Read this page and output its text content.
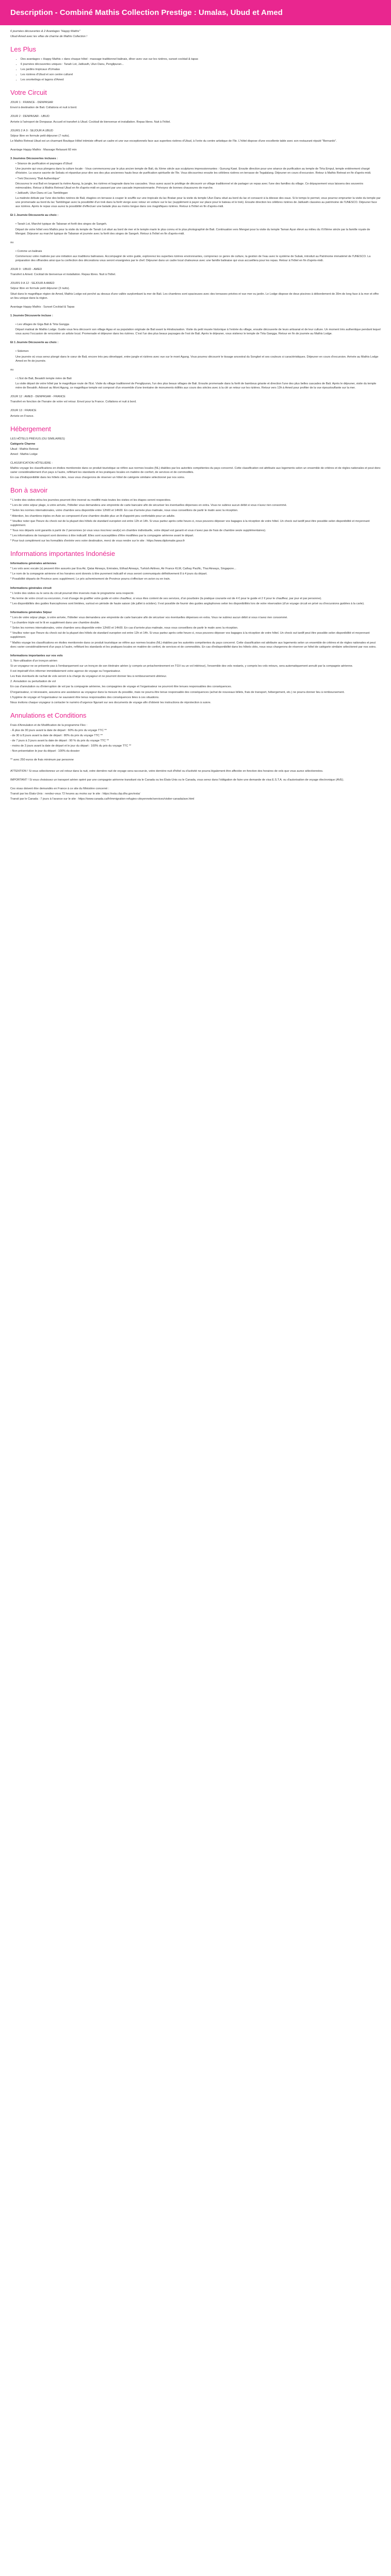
Description - Combiné Mathis Collection Prestige : Umalas, Ubud et Amed

6 journées découvertes & 2 Avantages "Happy Mathis"

Ubud-Amed avec les villas de charme de Mathis Collection !

Les Plus
• Des avantages « Happy Mathis » dans chaque hôtel : massage traditionnel balinais, dîner avec vue sur les rizières, sunset cocktail & tapas
• 6 journées découvertes uniques : Tanah Lot, Jatiluwih, Ulun Danu, Penglipuran...
• Les jardins tropicaux d'Umalas
• Les rizières d'Ubud et son centre culturel
• Les snorkelings et lagons d'Amed
Votre Circuit

JOUR 1 : FRANCE - DENPASAR

Envol à destination de Bali. Collations et nuit à bord.

JOUR 2 : DENPASAR - UBUD

Arrivée à l'aéroport de Denpasar. Accueil et transfert à Ubud. Cocktail de bienvenue et installation. Repas libres. Nuit à l'hôtel.

JOURS 2 À 9 : SEJOUR A UBUD

Séjour libre en formule petit déjeuner (7 nuits).

Le Mathis Retreat Ubud est un charmant Boutique Hôtel intimiste offrant un cadre et une vue exceptionnels face aux superbes rizières d'Ubud, à l'orée du centre artistique de l'île. L'hôtel dispose d'une excellente table avec son restaurant réputé "Bernardo".

Avantage Happy Mathis : Massage Relaxant 60 min

3 Journées Découvertes incluses :

• Séance de purification et paysages d'Ubud

Une journée qui vous plongera dans la culture locale - Vous commencerez par le plus ancien temple de Bali, du Xème siècle aux sculptures impressionnantes : Gunung Kawi. Ensuite direction pour une séance de purification au temple de Tirta Empul, temple entièrement chargé d'histoire. La source sacrée de Sebatu et répandue pour dire ses des plus anciennes hauts lieux de purification spirituelle de l'île. Vous découvrirez ensuite les célèbres rizières en terrasse de Tegalalang. Déjeuner en cours d'excursion. Retour à Mathis Retreat en fin d'après-midi.

• Trek Discovery "Bali Authentique"

Découvrez le vrai Bali en longeant la rivière Ayung, la jungle, les rizières et bagnade dans les cascades. Vous aurez aussi le privilège de découvrir un village traditionnel et de partager un repas avec l'une des familles du village. Ce dépaysement vous laissera des souvenirs mémorables. Retour à Mathis Retreat Ubud en fin d'après-midi en passant par une cascade impressionnante. Prévoyez de bonnes chaussures de marche.

• Jatiluwih, Ulun Danu et Lac Tamblingan

La matinée débute par l'une des belles rizières de Bali, étagées en terrasse à couper le souffle sur une tropicale du lac Bratan pour la visite du temple Ulun Danu situé au bord du lac et consacré à la déesse des eaux. Si le temps le permet, vous pourrez emprunter la visite du temple par une promenade au bord du lac Tamblingan avec la possibilité d'un trek dans la forêt vierge avec retour en voiture sur le lac (supplément à payer sur place pour le bateau et le trek). Ensuite direction les célèbres rizières de Jatiluwih classées au patrimoine de l'UNESCO. Déjeuner face aux rizières. Après le repas vous aurez la possibilité d'effectuer une balade plus au moins longue dans ces magnifiques rizières. Retour à l'hôtel en fin d'après-midi.

Et 1 Journée Découverte au choix :

• Tanah Lot, Marché typique de Tabanan et forêt des singes de Sangeh.

Départ de votre hôtel vers Mathis pour la visite du temple de Tanah Lot situé au bord de mer et le temple marin le plus connu et le plus photographié de Bali. Continuation vers Mengwi pour la visite du temple Taman Ayun élevé au milieu du XVIIème siècle par la famille royale de Mengwi. Déjeuner au marché typique de Tabanan et journée avec la forêt des singes de Sangeh. Retour à l'hôtel en fin d'après-midi.

ou

• Comme un balinais

Commencez votre matinée par une initiation aux traditions balinaises. Accompagné de votre guide, explorerez les superbes rizières environnantes, comprenez ce genre de culture, la gestion de l'eau avec le système de Subak, introduit au Patrimoine immatériel de l'UNESCO. La préparation des offrandes ainsi que la confection des décorations vous seront enseignées par le chef. Déjeuner dans un cadre local chaleureux avec une famille balinaise qui vous accueillera pour les repas. Retour à l'hôtel en fin d'après-midi.

JOUR 9 : UBUD - AMED

Transfert à Amed. Cocktail de bienvenue et installation. Repas libres. Nuit à l'hôtel.

JOURS 9 A 12 : SEJOUR A AMED

Séjour libre en formule petit déjeuner (3 nuits).

Situé dans le magnifique région de Amed, Mathis Lodge est perché au dessus d'une vallée surplombant la mer de Bali. Les chambres sont spacieuses avec des terrasses privées et vue mer ou jardin. Le Lodge dispose de deux piscines à débordement de 30m de long face à la mer et offre un lieu unique dans la région.

Avantage Happy Mathis : Sunset Cocktail & Tapas

1 Journée Découverte incluse :

• Les villages de Giga Bali & Tirta Gangga

Départ matinal de Mathis Lodge. Guide vous fera découvrir son village Agas et sa population originale de Bali avant la Hindouisation. Visite du petit musée historique à l'entrée du village, ensuite découverte de leurs artisanat et de leur culture. Un moment très authentique pendant lequel vous aurez l'occasion de rencontrer un artiste local. Promenade et déjeuner dans les rizières. C'est l'un des plus beaux paysages de l'est de Bali. Après le déjeuner, vous visiterez le temple de Tirta Gangga. Retour en fin de journée au Mathis Lodge.

Et 1 Journée Découverte au choix :

• Sidemen

Une journée où vous serez plongé dans le cœur de Bali, encore très peu développé, entre jungle et rizières avec vue sur le mont Agung. Vous pourrez découvrir le tissage ancestral du Songket et ses couleurs si caractéristiques. Déjeuner en cours d'excursion. Arrivée au Mathis Lodge Amed en fin de journée.

ou

• L'Est de Bali, Besakih temple mère de Bali

La visite départ de votre hôtel par le magnifique route de l'Est. Visite du village traditionnel de Penglipuran, l'un des plus beaux villages de Bali. Ensuite promenade dans la forêt de bambous géante et direction l'une des plus belles cascades de Bali. Après le déjeuner, visite du temple mère de Besakih. Adossé au Mont Agung, ce magnifique temple est composé d'un ensemble d'une trentaine de monuments édifiés aux cours des siècles avec à la clé un retour sur les rizières. Retour vers 13h à Amed pour profiter de la vue époustouflante sur la mer.

JOUR 12 : AMED - DENPASAR - FRANCE

Transfert en fonction de l'horaire de votre vol retour. Envol pour la France. Collations et nuit à bord.

JOUR 13 : FRANCE

Arrivée en France.

Hébergement

LES HÔTELS PRÉVUS (OU SIMILAIRES)

Catégorie Charme

Ubud : Mathis Retreat

Amed : Mathis Lodge

CLASSIFICATION HÔTELIÈRE :

Mathis voyage les classifications en étoiles mentionnée dans ce produit touristique se réfère aux normes locales (NL) établies par les autorités compétentes du pays concerné. Cette classification est attribuée aux logements selon un ensemble de critères et de règles nationales et peut donc varier considérablement d'un pays à l'autre, reflétant les standards et les pratiques locales en matière de confort, de services et de commodités.

En cas d'indisponibilité dans les hôtels cités, nous vous chargerons de réserver un hôtel de catégorie similaire sélectionné par nos soins.

Bon à savoir

* L'ordre des visites et/ou les journées pourront être inversé ou modifié mais toutes les visites et les étapes seront respectées.

* Lors de votre séjour plage, à votre arrivée, l'hôtelier vous demandera une empreinte de carte bancaire afin de sécuriser les éventuelles dépenses en extra. Vous ne subirez aucun débit si vous n'avez rien consommé.

* Selon les normes internationales, votre chambre sera disponible entre 12h00 et 14h00. En cas d'arrivée plus matinale, nous vous conseillons de partir le matin avec la réception.

* Attention, les chambres triples en Asie se composent d'une chambre double plus un lit d'appoint peu confortable pour un adulte.

* Veuillez noter que l'heure du check out de la plupart des hôtels de standard européen est entre 12h et 14h. Si vous partez après cette heure-ci, nous pouvons déposer vos bagages à la réception de votre hôtel. Un check out tardif peut être possible selon disponibilité et moyennant supplément.

* Tous nos départs sont garantis à partir de 2 personnes (si vous vous inscrivez seul(e) en chambre individuelle, votre départ est garanti et vous n'avez pas de frais de chambre seule supplémentaires).

* Les informations de transport sont données à titre indicatif. Elles sont susceptibles d'être modifiées par la compagnie aérienne avant le départ.

* Pour tout complément sur les formalités d'entrée vers votre destination, merci de vous rendre sur le site : https://www.diplomatie.gouv.fr

Informations importantes Indonésie

Informations générales aériennes

* Les vols avec escale (s) peuvent être assurés par Eva Air, Qatar Airways, Emirates, Etihad Airways, Turkish Airlines, Air France KLM, Cathay Pacific, Thai Airways, Singapore...

* Le nom de la compagnie aérienne et les horaires sont donnés à titre purement indicatif et vous seront communiqués définitivement 8 à 4 jours du départ.

* Possibilité départs de Province avec supplément. Le prix acheminement de Province pourra s'effectuer en avion ou en train.

Informations générales circuit

* L'ordre des visites ou le sens du circuit pourrait être inversés mais le programme sera respecté.

* Au terme de votre circuit ou excursion, il est d'usage de gratifier votre guide et votre chauffeur, si vous êtes content de ses services, d'un pourboire (la pratique courante est de 4 € pour le guide et 2 € pour le chauffeur, par jour et par personne).

* Les disponibilités des guides francophones sont limitées, surtout en période de haute saison (de juillet à octobre). Il est possible de fournir des guides anglophones selon les disponibilités lors de votre réservation (d'un voyage circuit en privé ou d'excursions guidées à la carte).

Informations générales Séjour

* Lors de votre séjour plage, à votre arrivée, l'hôtelier vous demandera une empreinte de carte bancaire afin de sécuriser vos éventuelles dépenses en extra. Vous ne subirez aucun débit si vous n'avez rien consommé.

* La chambre triple est le lit en supplément dans une chambre double.

* Selon les normes internationales, votre chambre sera disponible entre 12h00 et 14h00. En cas d'arrivée plus matinale, nous vous conseillons de partir le matin avec la réception.

* Veuillez noter que l'heure du check out de la plupart des hôtels de standard européen est entre 12h et 14h. Si vous partez après cette heure-ci, nous pouvons déposer vos bagages à la réception de votre hôtel. Un check out tardif peut être possible selon disponibilité et moyennant supplément.

* Mathis voyage les classifications en étoiles mentionnée dans ce produit touristique se réfère aux normes locales (NL) établies par les autorités compétentes du pays concerné. Cette classification est attribuée aux logements selon un ensemble de critères et de règles nationales et peut donc varier considérablement d'un pays à l'autre, reflétant les standards et les pratiques locales en matière de confort, de services et de commodités. En cas d'indisponibilité dans les hôtels cités, nous vous chargerons de réserver un hôtel de catégorie similaire sélectionné par nos soins.

Informations importantes sur vos vols

1. Non-utilisation d'un tronçon aérien

Si un voyageur ne se présente pas à l'embarquement sur un tronçon de son itinéraire aérien (y compris un préacheminement en TGV ou un vol intérieur), l'ensemble des vols restants, y compris les vols retours, sera automatiquement annulé par la compagnie aérienne.

Il est impératif d'en informer immédiatement votre agence de voyage ou l'organisateur.

Les frais éventuels de rachat de vols seront à la charge du voyageur et ne pourront donner lieu à remboursement ultérieur.

2. Annulation ou perturbation de vol

En cas d'annulation ou d'interruption de vol par la compagnie aérienne, les compagnies de voyage et l'organisateur ne pourront être tenues responsables des conséquences.

D'organisateur, si nécessaire, assurera une assistance au voyageur dans la mesure du possible, mais ne pourra être tenue responsable des conséquences (achat de nouveaux billets, frais de transport, hébergement, etc.) ne pourra donner lieu à remboursement.

L'hygiène de voyage et l'organisateur ne sauraient être tenus responsables des conséquences liées à ces situations.

Nous invitons chaque voyageur à contacter le numéro d'urgence figurant sur ses documents de voyage afin d'obtenir les instructions de réprotection à suivre.

Annulations et Conditions

Frais d'Annulation et de Modification de la programme Flex :

- À plus de 30 jours avant la date de départ : 60% du prix du voyage TTC **

- de 30 à 8 jours avant la date de départ : 80% du prix du voyage TTC **

- de 7 jours à 3 jours avant la date de départ : 90 % du prix du voyage TTC **

- moins de 3 jours avant la date de départ et le jour du départ : 100% du prix du voyage TTC **

- Non présentation le jour du départ : 100% du dossier

** avec 250 euros de frais minimum par personne

ATTENTION ! Si vous sélectionnez un vol retour dans la nuit, votre dernière nuit de voyage sera raccourcie, votre dernière nuit d'hôtel ou d'activité ne pourra légalement être affectée en fonction des horaires de vols que vous aurez sélectionnées.

IMPORTANT ! Si vous choisissez un transport aérien opéré par une compagnie aérienne transitant via le Canada ou les États-Unis ou le Canada, vous serez dans l'obligation de faire une demande de visa E.S.T.A. ou d'autorisation de voyage électronique (AVE).

Ces visas doivent être demandés en France à ce site du Ministère concerné :

Transit par les États-Unis : rendez-vous 72 heures au moins sur le site : https://esta.cbp.dhs.gov/esta/

Transit par le Canada : 7 jours à l'avance sur le site : https://www.canada.ca/fr/immigration-refugies-citoyennete/services/visiter-canada/ave.html
